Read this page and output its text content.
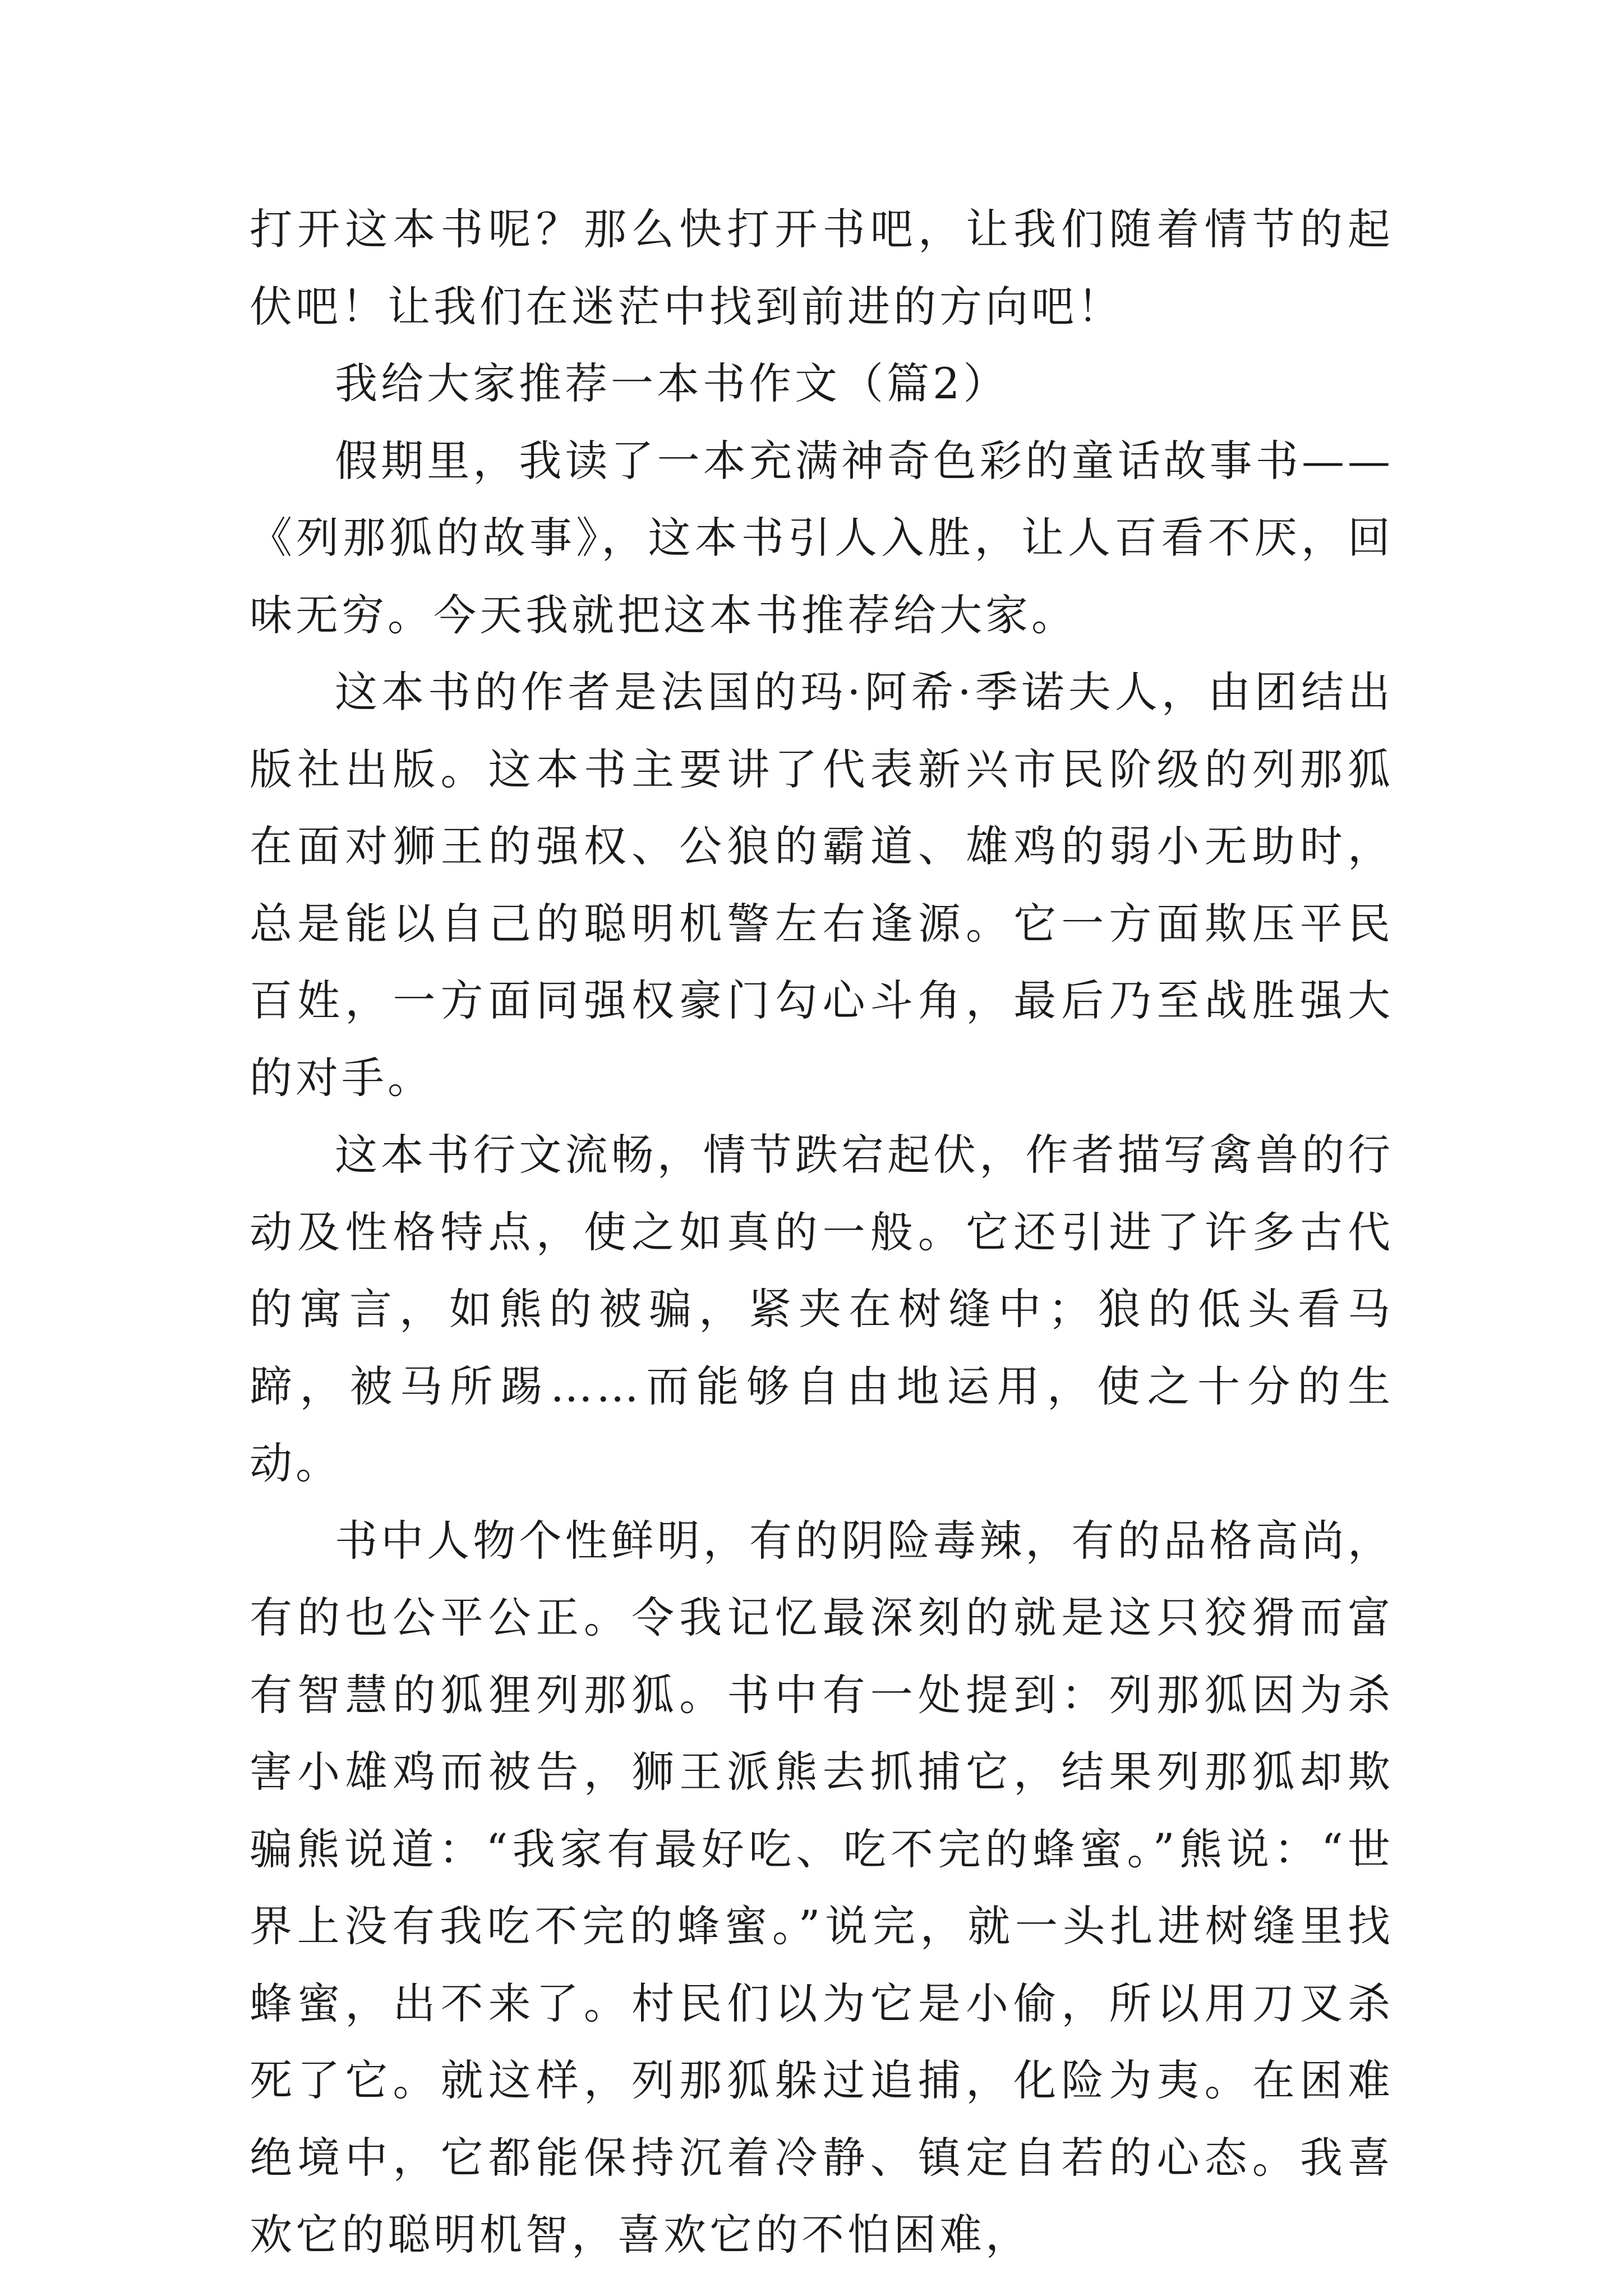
打开这本书呢？那么快打开书吧，让我们随着情节的起伏吧！让我们在迷茫中找到前进的方向吧！

我给大家推荐一本书作文（篇2）

假期里，我读了一本充满神奇色彩的童话故事书——《列那狐的故事》，这本书引人入胜，让人百看不厌，回味无穷。今天我就把这本书推荐给大家。

这本书的作者是法国的玛·阿希·季诺夫人，由团结出版社出版。这本书主要讲了代表新兴市民阶级的列那狐在面对狮王的强权、公狼的霸道、雄鸡的弱小无助时，总是能以自己的聪明机警左右逢源。它一方面欺压平民百姓，一方面同强权豪门勾心斗角，最后乃至战胜强大的对手。

这本书行文流畅，情节跌宕起伏，作者描写禽兽的行动及性格特点，使之如真的一般。它还引进了许多古代的寓言，如熊的被骗，紧夹在树缝中；狼的低头看马蹄，被马所踢……而能够自由地运用，使之十分的生动。

书中人物个性鲜明，有的阴险毒辣，有的品格高尚，有的也公平公正。令我记忆最深刻的就是这只狡猾而富有智慧的狐狸列那狐。书中有一处提到：列那狐因为杀害小雄鸡而被告，狮王派熊去抓捕它，结果列那狐却欺骗熊说道：“我家有最好吃、吃不完的蜂蜜。”熊说：“世界上没有我吃不完的蜂蜜。”说完，就一头扎进树缝里找蜂蜜，出不来了。村民们以为它是小偷，所以用刀叉杀死了它。就这样，列那狐躲过追捕，化险为夷。在困难绝境中，它都能保持沉着冷静、镇定自若的心态。我喜欢它的聪明机智，喜欢它的不怕困难，
